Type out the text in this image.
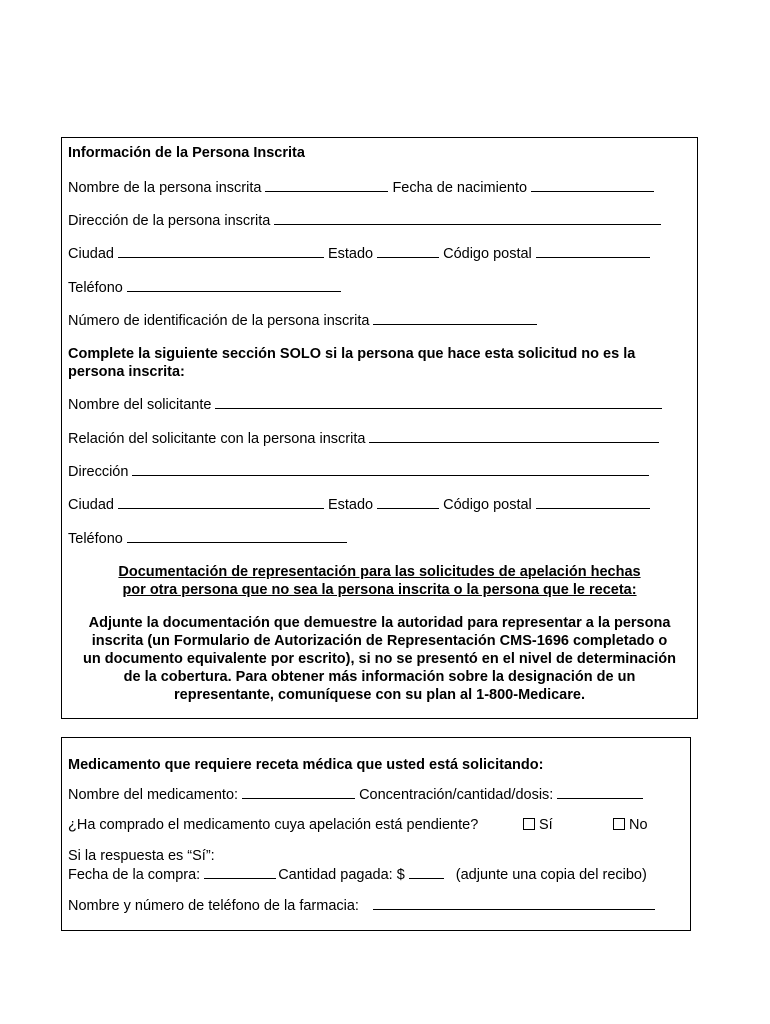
Información de la Persona Inscrita
Nombre de la persona inscrita	Fecha de nacimiento
Dirección de la persona inscrita
Ciudad	Estado	Código postal
Teléfono
Número de identificación de la persona inscrita
Complete la siguiente sección SOLO si la persona que hace esta solicitud no es la
persona inscrita:
Nombre del solicitante
Relación del solicitante con la persona inscrita
Dirección
Ciudad	Estado	Código postal
Teléfono
Documentación de representación para las solicitudes de apelación hechas
por otra persona que no sea la persona inscrita o la persona que le receta:
Adjunte la documentación que demuestre la autoridad para representar a la persona
inscrita (un Formulario de Autorización de Representación CMS-1696 completado o
un documento equivalente por escrito), si no se presentó en el nivel de determinación
de la cobertura. Para obtener más información sobre la designación de un
representante, comuníquese con su plan al 1-800-Medicare.
Medicamento que requiere receta médica que usted está solicitando:
Nombre del medicamento:	Concentración/cantidad/dosis:
¿Ha comprado el medicamento cuya apelación está pendiente?	Sí	No
Si la respuesta es “Sí”:
Fecha de la compra:	Cantidad pagada: $	(adjunte una copia del recibo)
Nombre y número de teléfono de la farmacia:
